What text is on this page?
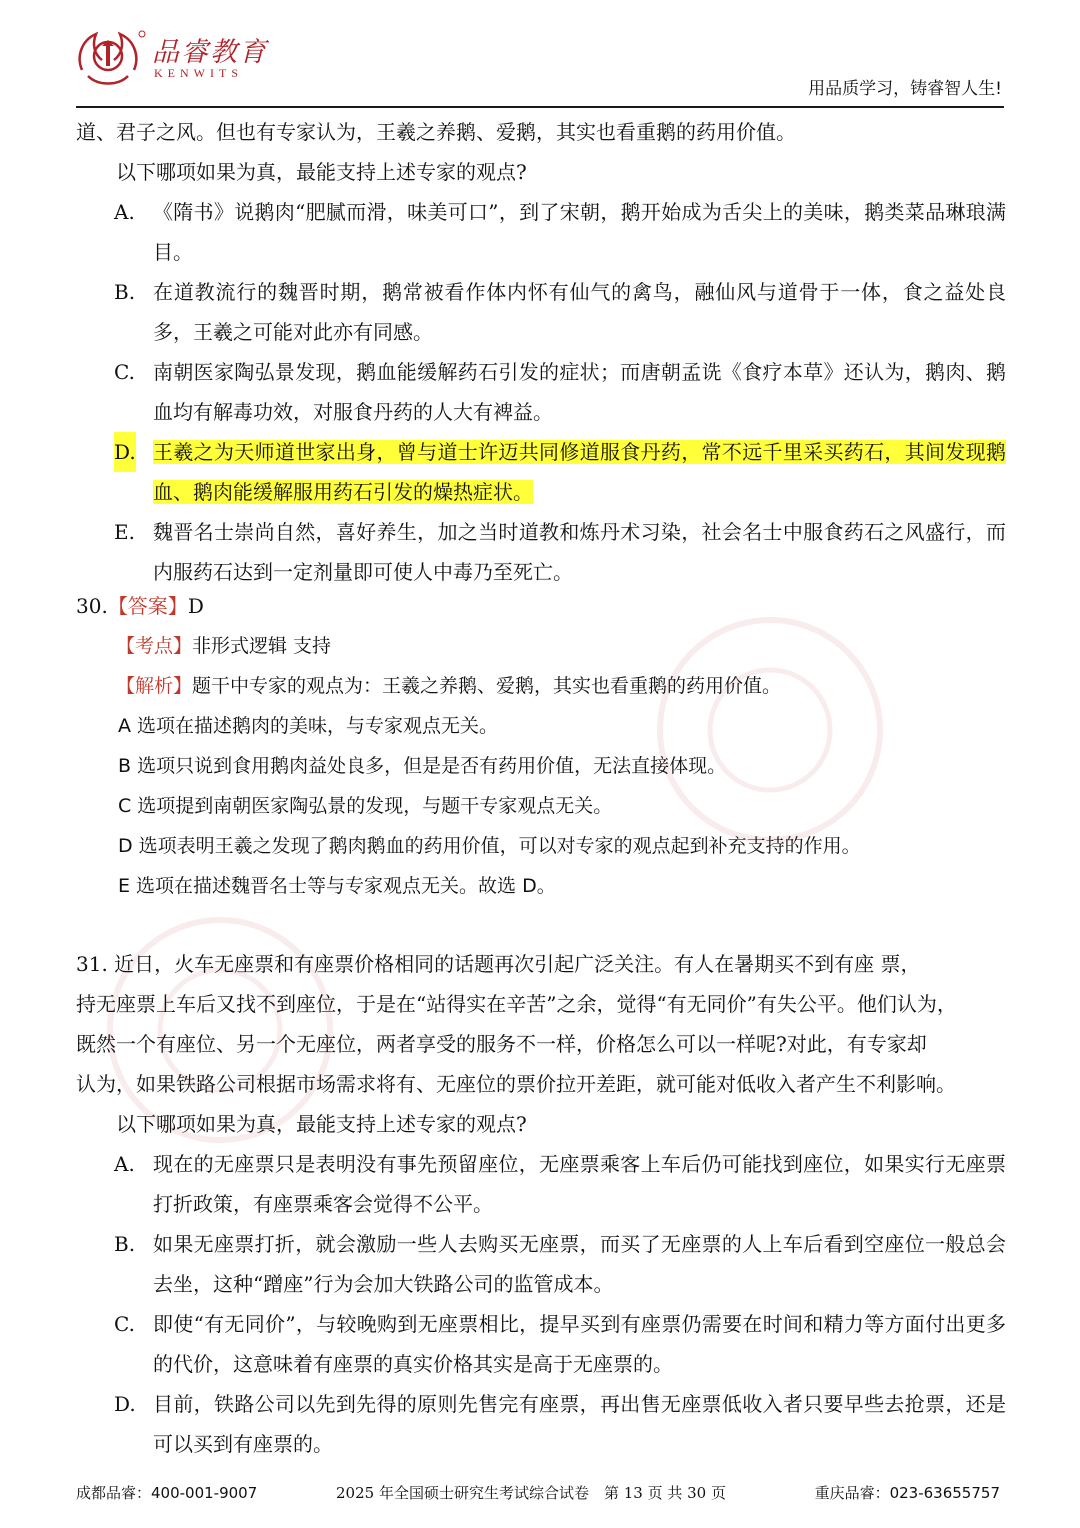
品睿教育
KENWITS
用品质学习，铸睿智人生!
道、君子之风。但也有专家认为，王羲之养鹅、爱鹅，其实也看重鹅的药用价值。
以下哪项如果为真，最能支持上述专家的观点?
A. 《隋书》说鹅肉“肥腻而滑，味美可口”，到了宋朝，鹅开始成为舌尖上的美味，鹅类菜品琳琅满目。
B. 在道教流行的魏晋时期，鹅常被看作体内怀有仙气的禽鸟，融仙风与道骨于一体，食之益处良多，王羲之可能对此亦有同感。
C. 南朝医家陶弘景发现，鹅血能缓解药石引发的症状；而唐朝孟诜《食疗本草》还认为，鹅肉、鹅血均有解毒功效，对服食丹药的人大有裨益。
D. 王羲之为天师道世家出身，曾与道士许迈共同修道服食丹药，常不远千里采买药石，其间发现鹅血、鹅肉能缓解服用药石引发的燥热症状。
E. 魏晋名士崇尚自然，喜好养生，加之当时道教和炼丹术习染，社会名士中服食药石之风盛行，而内服药石达到一定剂量即可使人中毒乃至死亡。
30.【答案】D
【考点】非形式逻辑 支持
【解析】题干中专家的观点为：王羲之养鹅、爱鹅，其实也看重鹅的药用价值。
A 选项在描述鹅肉的美味，与专家观点无关。
B 选项只说到食用鹅肉益处良多，但是是否有药用价值，无法直接体现。
C 选项提到南朝医家陶弘景的发现，与题干专家观点无关。
D 选项表明王羲之发现了鹅肉鹅血的药用价值，可以对专家的观点起到补充支持的作用。
E 选项在描述魏晋名士等与专家观点无关。故选 D。
31. 近日，火车无座票和有座票价格相同的话题再次引起广泛关注。有人在暑期买不到有座 票，
持无座票上车后又找不到座位，于是在“站得实在辛苦”之余，觉得“有无同价”有失公平。他们认为，
既然一个有座位、另一个无座位，两者享受的服务不一样，价格怎么可以一样呢?对此，有专家却
认为，如果铁路公司根据市场需求将有、无座位的票价拉开差距，就可能对低收入者产生不利影响。
以下哪项如果为真，最能支持上述专家的观点?
A. 现在的无座票只是表明没有事先预留座位，无座票乘客上车后仍可能找到座位，如果实行无座票打折政策，有座票乘客会觉得不公平。
B. 如果无座票打折，就会激励一些人去购买无座票，而买了无座票的人上车后看到空座位一般总会去坐，这种“蹭座”行为会加大铁路公司的监管成本。
C. 即使“有无同价”，与较晚购到无座票相比，提早买到有座票仍需要在时间和精力等方面付出更多的代价，这意味着有座票的真实价格其实是高于无座票的。
D. 目前，铁路公司以先到先得的原则先售完有座票，再出售无座票低收入者只要早些去抢票，还是可以买到有座票的。
成都品睿：400-001-9007	2025 年全国硕士研究生考试综合试卷　第 13 页 共 30 页	重庆品睿：023-63655757
